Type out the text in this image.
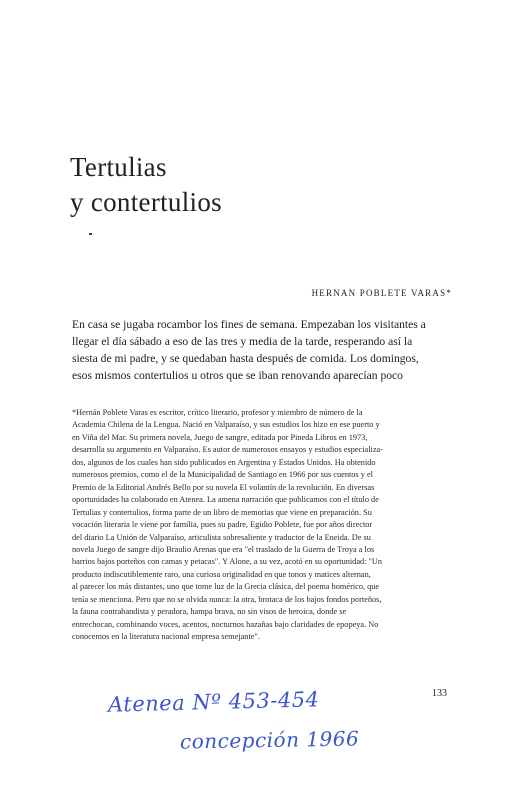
Tertulias
y contertulios
HERNAN POBLETE VARAS*
En casa se jugaba rocambor los fines de semana. Empezaban los visitantes a
llegar el día sábado a eso de las tres y media de la tarde, resperando así la
siesta de mi padre, y se quedaban hasta después de comida. Los domingos,
esos mismos contertulios u otros que se iban renovando aparecían poco
*Hernán Poblete Varas es escritor, crítico literario, profesor y miembro de número de la
Academia Chilena de la Lengua. Nació en Valparaíso, y sus estudios los hizo en ese puerto y
en Viña del Mar. Su primera novela, Juego de sangre, editada por Pineda Libros en 1973,
desarrolla su argumento en Valparaíso. Es autor de numerosos ensayos y estudios especializa-
dos, algunos de los cuales han sido publicados en Argentina y Estados Unidos. Ha obtenido
numerosos premios, como el de la Municipalidad de Santiago en 1966 por sus cuentos y el
Premio de la Editorial Andrés Bello por su novela El volantín de la revolución. En diversas
oportunidades ha colaborado en Atenea. La amena narración que publicamos con el título de
Tertulias y contertulios, forma parte de un libro de memorias que viene en preparación. Su
vocación literaria le viene por familia, pues su padre, Egidio Poblete, fue por años director
del diario La Unión de Valparaíso, articulista sobresaliente y traductor de la Eneida. De su
novela Juego de sangre dijo Braulio Arenas que era "el traslado de la Guerra de Troya a los
barrios bajos porteños con camas y petacas". Y Alone, a su vez, acotó en su oportunidad: "Un
producto indiscutiblemente raro, una curiosa originalidad en que tonos y matices alternan,
al parecer los más distantes, uno que tome luz de la Grecia clásica, del poema homérico, que
tenía se menciona. Pero que no se olvida nunca: la otra, brotaca de los bajos fondos porteños,
la fauna contrabandista y peradora, hampa brava, no sin visos de heroica, donde se
entrechocan, combinando voces, acentos, nocturnos hazañas bajo claridades de epopeya. No
conocemos en la literatura nacional empresa semejante".
133
Atenea Nº 453-454
concepción 1966
